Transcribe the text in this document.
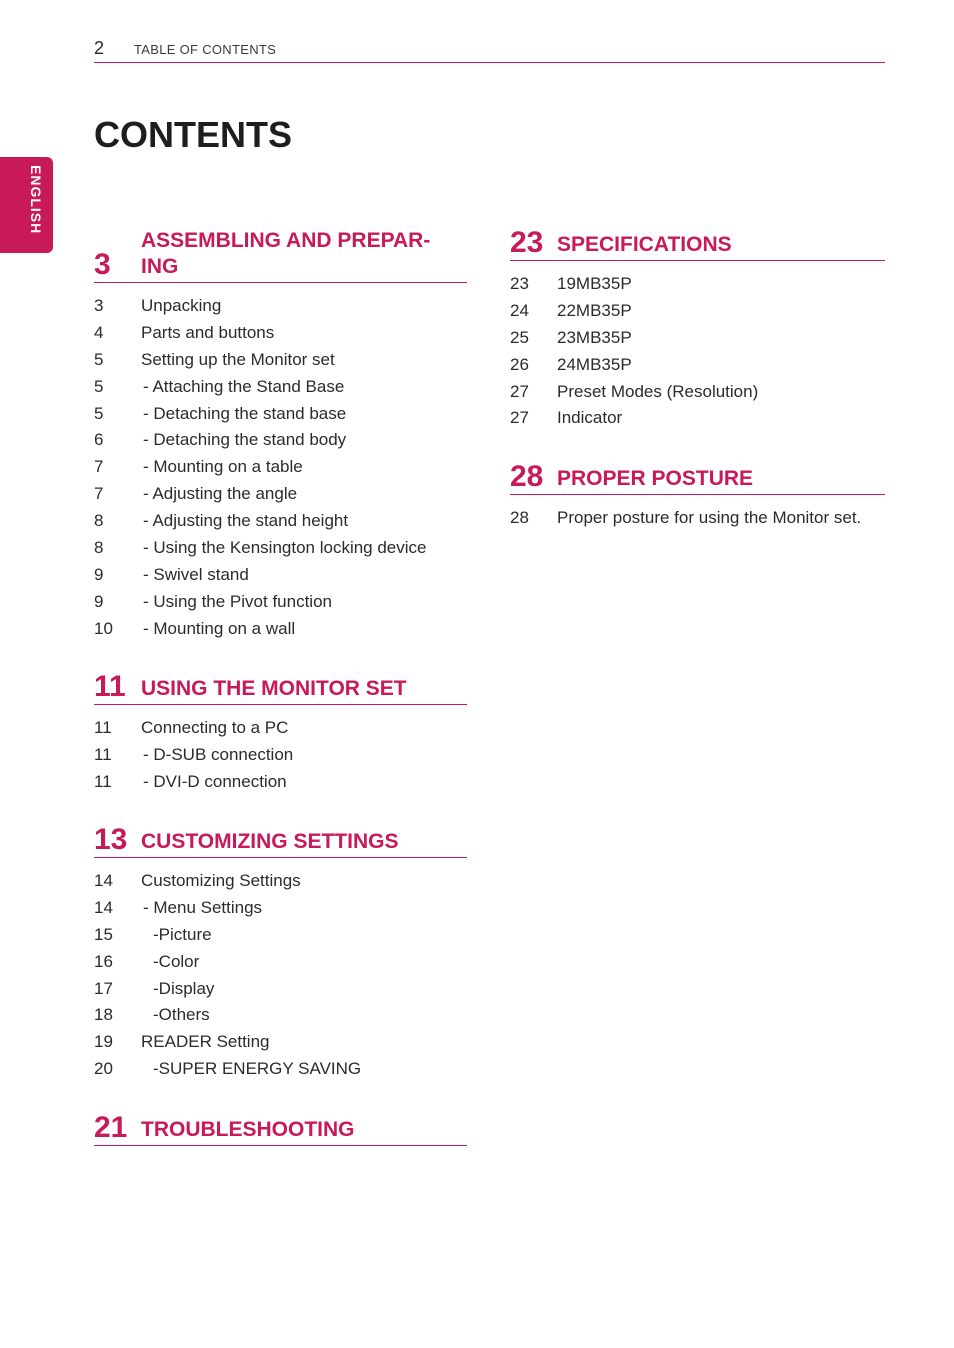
2 TABLE OF CONTENTS
ENGLISH
CONTENTS
3
ASSEMBLING AND PREPAR-
ING
3 Unpacking
4 Parts and buttons
5 Setting up the Monitor set
5 - Attaching the Stand Base
5 - Detaching the stand base
6 - Detaching the stand body
7 - Mounting on a table
7 - Adjusting the angle
8 - Adjusting the stand height
8 - Using the Kensington locking device
9 - Swivel stand
9 - Using the Pivot function
10 - Mounting on a wall
11 USING THE MONITOR SET
11 Connecting to a PC
11 - D-SUB connection
11 - DVI-D connection
13 CUSTOMIZING SETTINGS
14 Customizing Settings
14 - Menu Settings
15 -Picture
16 -Color
17 -Display
18 -Others
19 READER Setting
20 -SUPER ENERGY SAVING
21 TROUBLESHOOTING
23 SPECIFICATIONS
23 19MB35P
24 22MB35P
25 23MB35P
26 24MB35P
27 Preset Modes (Resolution)
27 Indicator
28 PROPER POSTURE
28 Proper posture for using the Monitor set.
